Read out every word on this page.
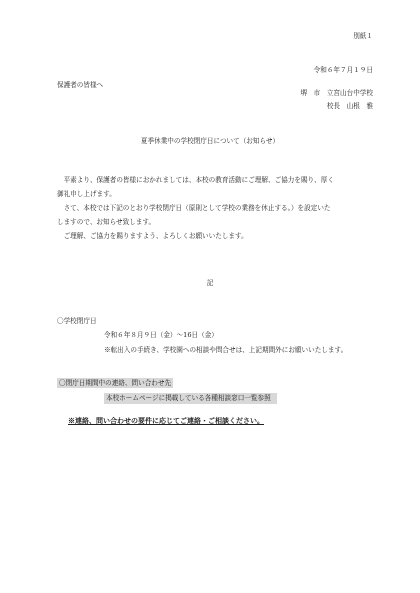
別紙１
令和６年７月１９日
保護者の皆様へ
堺　市　立宮山台中学校
校長　山根　雅
夏季休業中の学校閉庁日について（お知らせ）

平素より、保護者の皆様におかれましては、本校の教育活動にご理解、ご協力を賜り、厚く

御礼申し上げます。

さて、本校では下記のとおり学校閉庁日（原則として学校の業務を休止する。）を設定いた

しますので、お知らせ致します。

ご理解、ご協力を賜りますよう、よろしくお願いいたします。

記
〇学校閉庁日
令和６年８月９日（金）～16日（金）
※転出入の手続き、学校園への相談や問合せは、上記期間外にお願いいたします。
〇閉庁日期間中の連絡、問い合わせ先
本校ホームページに掲載している各種相談窓口一覧参照
※連絡、問い合わせの要件に応じてご連絡・ご相談ください。
